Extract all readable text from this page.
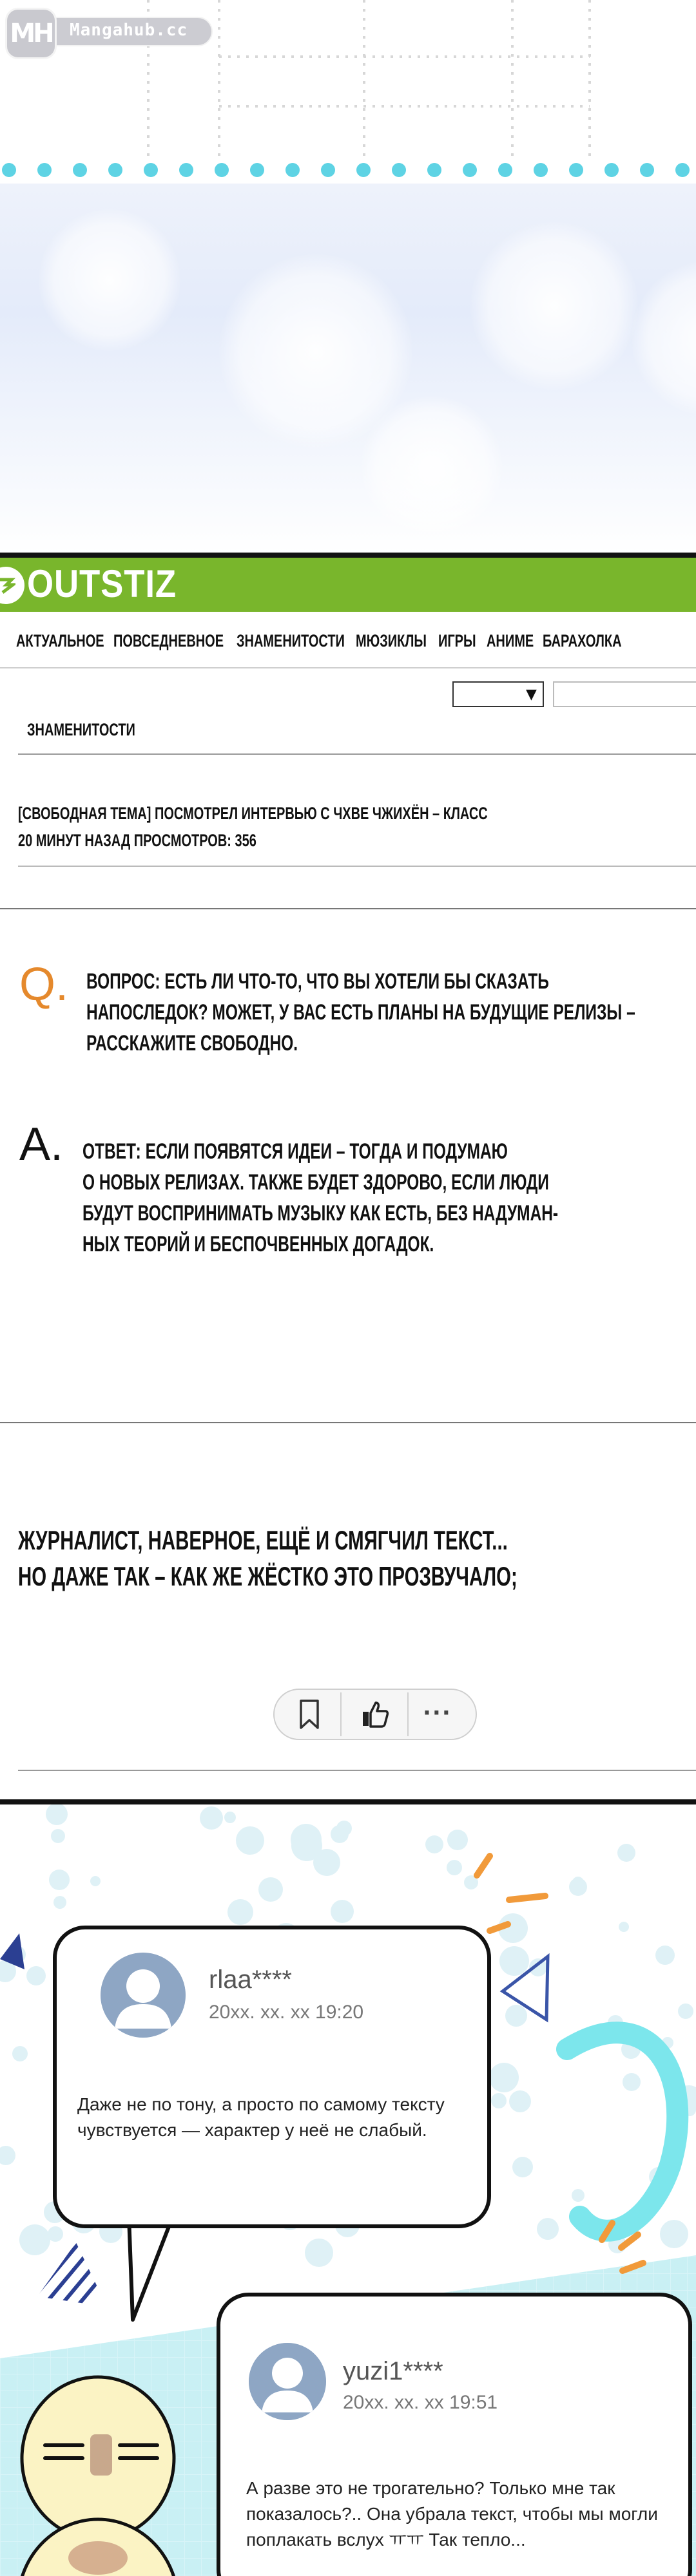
MH Mangahub.cc
OUTSTIZ
АКТУАЛЬНОЕ ПОВСЕДНЕВНОЕ ЗНАМЕНИТОСТИ МЮЗИКЛЫ ИГРЫ АНИМЕ БАРАХОЛКА
▼
ЗНАМЕНИТОСТИ
[СВОБОДНАЯ ТЕМА] ПОСМОТРЕЛ ИНТЕРВЬЮ С ЧХВЕ ЧЖИХЁН – КЛАСС
20 МИНУТ НАЗАД ПРОСМОТРОВ: 356
Q. ВОПРОС: ЕСТЬ ЛИ ЧТО-ТО, ЧТО ВЫ ХОТЕЛИ БЫ СКАЗАТЬ
НАПОСЛЕДОК? МОЖЕТ, У ВАС ЕСТЬ ПЛАНЫ НА БУДУЩИЕ РЕЛИЗЫ –
РАССКАЖИТЕ СВОБОДНО.
A. ОТВЕТ: ЕСЛИ ПОЯВЯТСЯ ИДЕИ – ТОГДА И ПОДУМАЮ
О НОВЫХ РЕЛИЗАХ. ТАКЖЕ БУДЕТ ЗДОРОВО, ЕСЛИ ЛЮДИ
БУДУТ ВОСПРИНИМАТЬ МУЗЫКУ КАК ЕСТЬ, БЕЗ НАДУМАН-
НЫХ ТЕОРИЙ И БЕСПОЧВЕННЫХ ДОГАДОК.
ЖУРНАЛИСТ, НАВЕРНОЕ, ЕЩЁ И СМЯГЧИЛ ТЕКСТ...
НО ДАЖЕ ТАК – КАК ЖЕ ЖЁСТКО ЭТО ПРОЗВУЧАЛО;
···
rlaa****
20xx. xx. xx 19:20
Даже не по тону, а просто по самому тексту
чувствуется — характер у неё не слабый.
yuzi1****
20xx. xx. xx 19:51
А разве это не трогательно? Только мне так
показалось?.. Она убрала текст, чтобы мы могли
поплакать вслух ㅠㅠ Так тепло...
